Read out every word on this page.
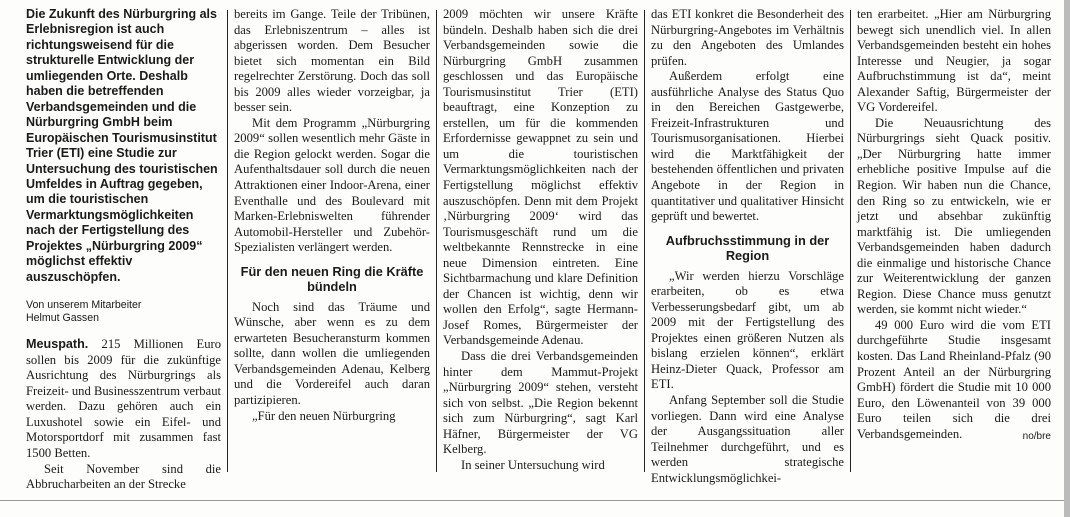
Die Zukunft des Nürburgring als Erlebnisregion ist auch richtungsweisend für die strukturelle Entwicklung der umliegenden Orte. Deshalb haben die betreffenden Verbandsgemeinden und die Nürburgring GmbH beim Europäischen Tourismusinstitut Trier (ETI) eine Studie zur Untersuchung des touristischen Umfeldes in Auftrag gegeben, um die touristischen Vermarktungsmöglichkeiten nach der Fertigstellung des Projektes „Nürburgring 2009“ möglichst effektiv auszuschöpfen.

Von unserem Mitarbeiter

Helmut Gassen

Meuspath. 215 Millionen Euro sollen bis 2009 für die zukünftige Ausrichtung des Nürburgrings als Freizeit- und Businesszentrum verbaut werden. Dazu gehören auch ein Luxushotel sowie ein Eifel- und Motorsportdorf mit zusammen fast 1500 Betten.

Seit November sind die Abbrucharbeiten an der Strecke

bereits im Gange. Teile der Tribünen, das Erlebniszentrum – alles ist abgerissen worden. Dem Besucher bietet sich momentan ein Bild regelrechter Zerstörung. Doch das soll bis 2009 alles wieder vorzeigbar, ja besser sein.

Mit dem Programm „Nürburgring 2009“ sollen wesentlich mehr Gäste in die Region gelockt werden. Sogar die Aufenthaltsdauer soll durch die neuen Attraktionen einer Indoor-Arena, einer Eventhalle und des Boulevard mit Marken-Erlebniswelten führender Automobil-Hersteller und Zubehör-Spezialisten verlängert werden.

Für den neuen Ring die Kräfte bündeln

Noch sind das Träume und Wünsche, aber wenn es zu dem erwarteten Besucheransturm kommen sollte, dann wollen die umliegenden Verbandsgemeinden Adenau, Kelberg und die Vordereifel auch daran partizipieren.

„Für den neuen Nürburgring

2009 möchten wir unsere Kräfte bündeln. Deshalb haben sich die drei Verbandsgemeinden sowie die Nürburgring GmbH zusammen geschlossen und das Europäische Tourismusinstitut Trier (ETI) beauftragt, eine Konzeption zu erstellen, um für die kommenden Erfordernisse gewappnet zu sein und um die touristischen Vermarktungsmöglichkeiten nach der Fertigstellung möglichst effektiv auszuschöpfen. Denn mit dem Projekt ‚Nürburgring 2009‘ wird das Tourismusgeschäft rund um die weltbekannte Rennstrecke in eine neue Dimension eintreten. Eine Sichtbarmachung und klare Definition der Chancen ist wichtig, denn wir wollen den Erfolg“, sagte Hermann-Josef Romes, Bürgermeister der Verbandsgemeinde Adenau.

Dass die drei Verbandsgemeinden hinter dem Mammut-Projekt „Nürburgring 2009“ stehen, versteht sich von selbst. „Die Region bekennt sich zum Nürburgring“, sagt Karl Häfner, Bürgermeister der VG Kelberg.

In seiner Untersuchung wird

das ETI konkret die Besonderheit des Nürburgring-Angebotes im Verhältnis zu den Angeboten des Umlandes prüfen.

Außerdem erfolgt eine ausführliche Analyse des Status Quo in den Bereichen Gastgewerbe, Freizeit-Infrastrukturen und Tourismusorganisationen. Hierbei wird die Marktfähigkeit der bestehenden öffentlichen und privaten Angebote in der Region in quantitativer und qualitativer Hinsicht geprüft und bewertet.

Aufbruchsstimmung in der Region

„Wir werden hierzu Vorschläge erarbeiten, ob es etwa Verbesserungsbedarf gibt, um ab 2009 mit der Fertigstellung des Projektes einen größeren Nutzen als bislang erzielen können“, erklärt Heinz-Dieter Quack, Professor am ETI.

Anfang September soll die Studie vorliegen. Dann wird eine Analyse der Ausgangssituation aller Teilnehmer durchgeführt, und es werden strategische Entwicklungsmöglichkei-

ten erarbeitet. „Hier am Nürburgring bewegt sich unendlich viel. In allen Verbandsgemeinden besteht ein hohes Interesse und Neugier, ja sogar Aufbruchstimmung ist da“, meint Alexander Saftig, Bürgermeister der VG Vordereifel.

Die Neuausrichtung des Nürburgrings sieht Quack positiv. „Der Nürburgring hatte immer erhebliche positive Impulse auf die Region. Wir haben nun die Chance, den Ring so zu entwickeln, wie er jetzt und absehbar zukünftig marktfähig ist. Die umliegenden Verbandsgemeinden haben dadurch die einmalige und historische Chance zur Weiterentwicklung der ganzen Region. Diese Chance muss genutzt werden, sie kommt nicht wieder.“

49 000 Euro wird die vom ETI durchgeführte Studie insgesamt kosten. Das Land Rheinland-Pfalz (90 Prozent Anteil an der Nürburgring GmbH) fördert die Studie mit 10 000 Euro, den Löwenanteil von 39 000 Euro teilen sich die drei Verbandsgemeinden.	no/bre
